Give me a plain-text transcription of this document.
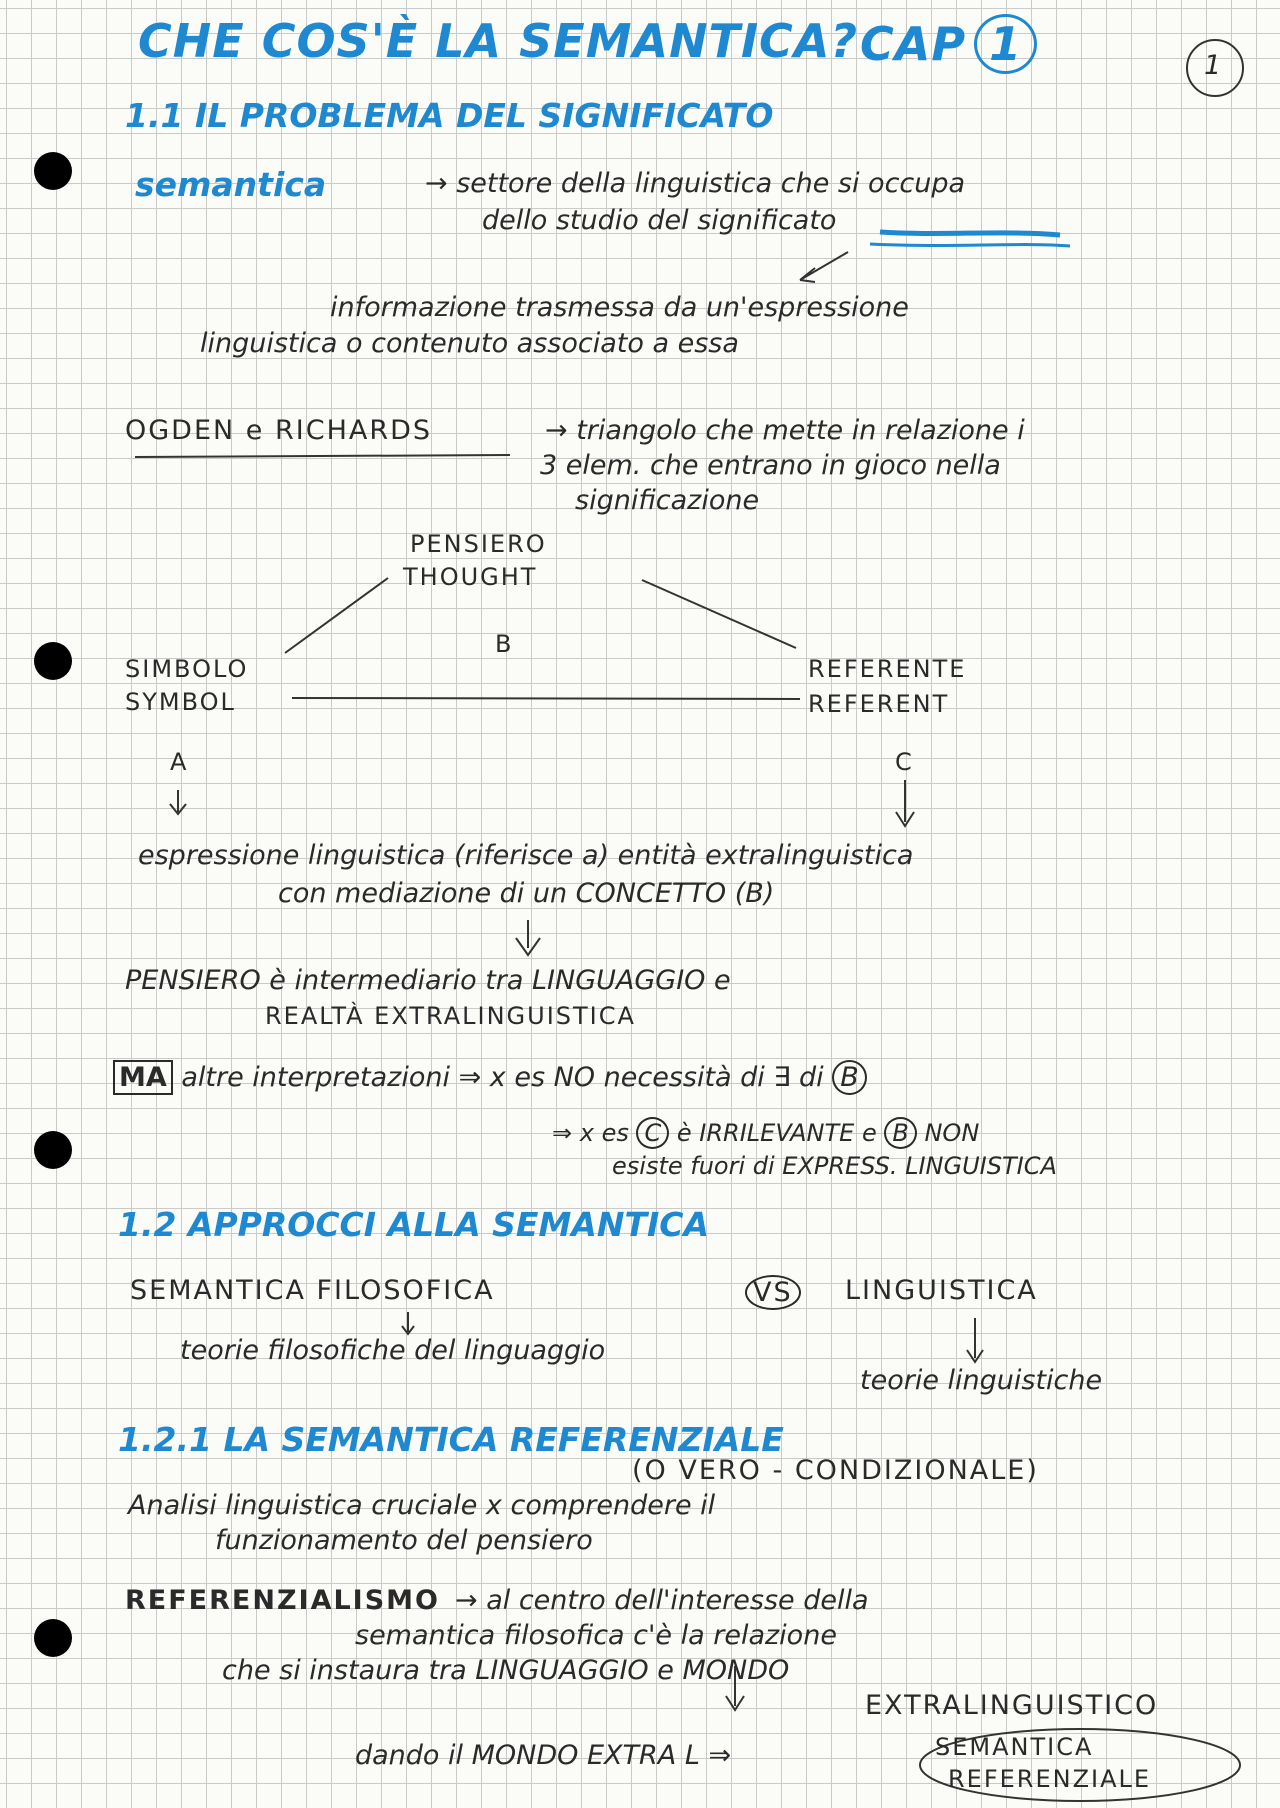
CHE COS'È LA SEMANTICA? CAP 1	1
1.1 IL PROBLEMA DEL SIGNIFICATO
semantica	→ settore della linguistica che si occupa
dello studio del significato
informazione trasmessa da un'espressione
linguistica o contenuto associato a essa
OGDEN e RICHARDS	→ triangolo che mette in relazione i
3 elem. che entrano in gioco nella
significazione
PENSIERO
THOUGHT
B
SIMBOLO
SYMBOL
A
REFERENTE
REFERENT
C
espressione linguistica (riferisce a) entità extralinguistica
con mediazione di un CONCETTO (B)
PENSIERO è intermediario tra LINGUAGGIO e
REALTÀ EXTRALINGUISTICA
MA altre interpretazioni ⇒ x es NO necessità di ∃ di B
⇒ x es C è IRRILEVANTE e B NON
esiste fuori di EXPRESS. LINGUISTICA
1.2 APPROCCI ALLA SEMANTICA
SEMANTICA FILOSOFICA	VS LINGUISTICA
teorie filosofiche del linguaggio
teorie linguistiche
1.2.1 LA SEMANTICA REFERENZIALE
(O VERO - CONDIZIONALE)
Analisi linguistica cruciale x comprendere il
funzionamento del pensiero
REFERENZIALISMO → al centro dell'interesse della
semantica filosofica c'è la relazione
che si instaura tra LINGUAGGIO e MONDO
EXTRALINGUISTICO
dando il MONDO EXTRA L ⇒	SEMANTICA
REFERENZIALE
